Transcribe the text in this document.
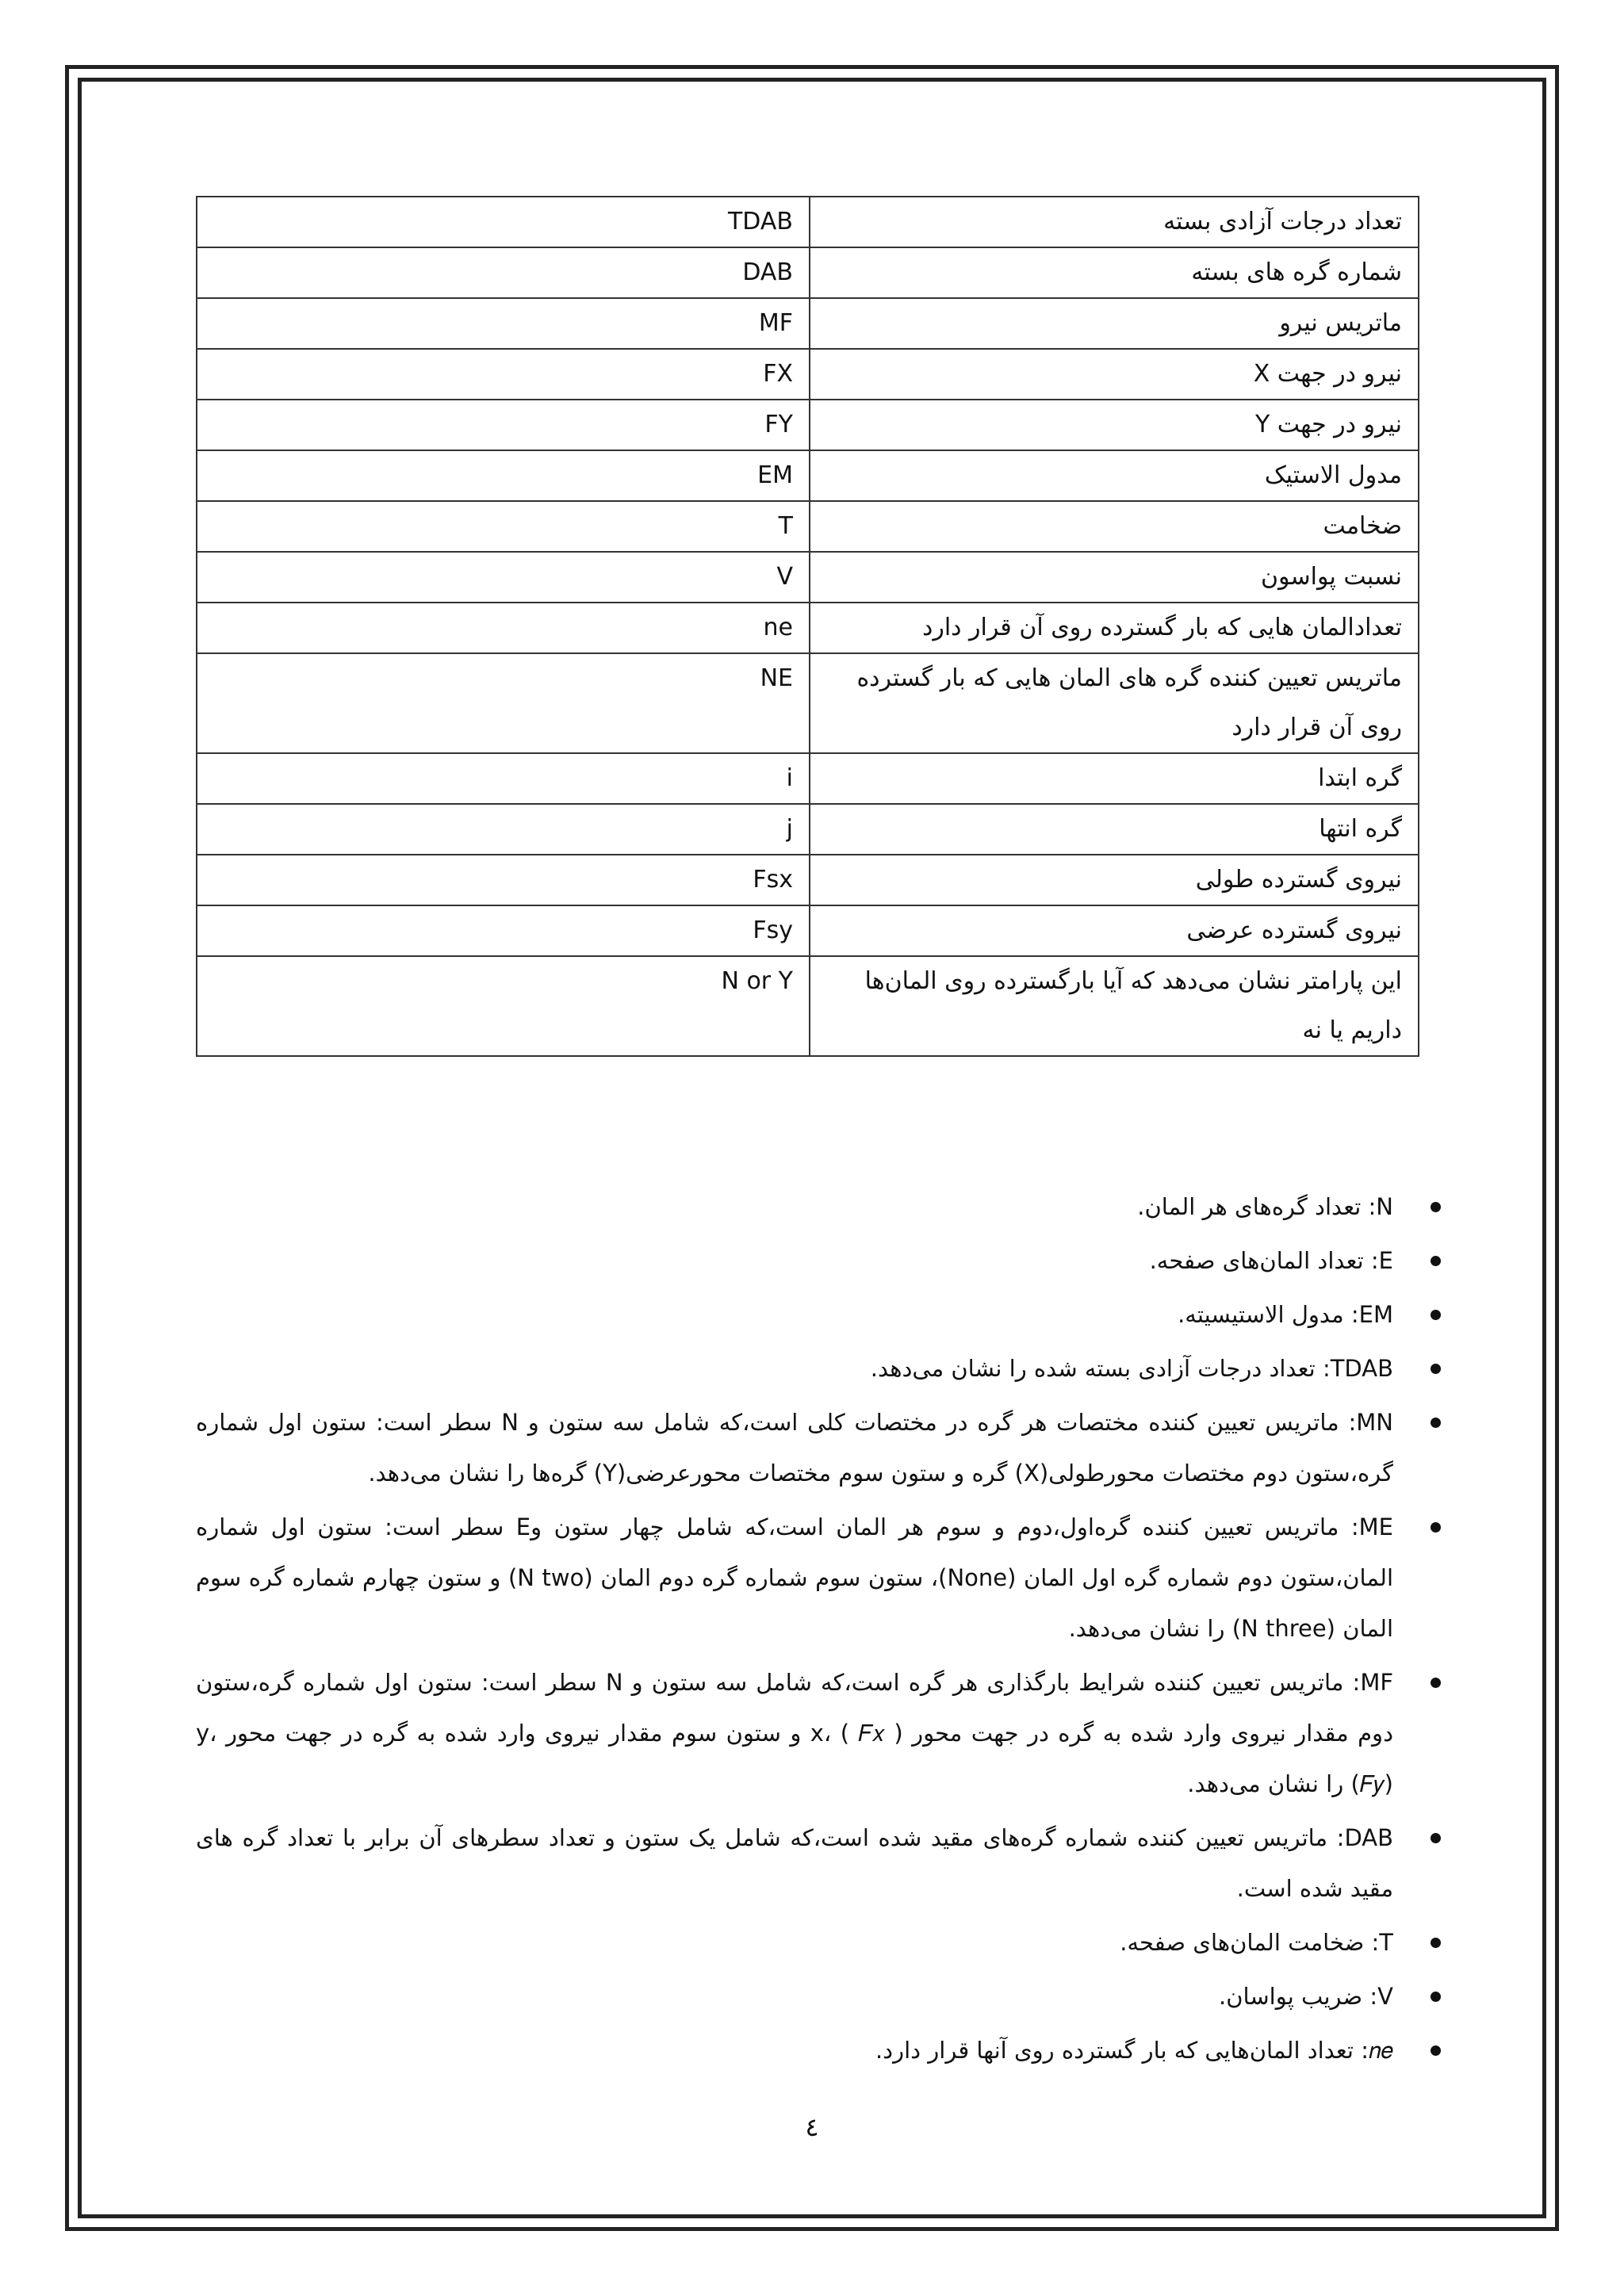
TDAB	تعداد درجات آزادی بسته
DAB	شماره گره های بسته
MF	ماتریس نیرو
FX	نیرو در جهت X
FY	نیرو در جهت Y
EM	مدول الاستیک
T	ضخامت
V	نسبت پواسون
ne	تعدادالمان هایی که بار گسترده روی آن قرار دارد
NE	ماتریس تعیین کننده گره های المان هایی که بار گسترده روی آن قرار دارد
i	گره ابتدا
j	گره انتها
Fsx	نیروی گسترده طولی
Fsy	نیروی گسترده عرضی
N or Y	این پارامتر نشان می‌دهد که آیا بارگسترده روی المان‌ها داریم یا نه
N: تعداد گره‌های هر المان.
E: تعداد المان‌های صفحه.
EM: مدول الاستیسیته.
TDAB: تعداد درجات آزادی بسته شده را نشان می‌دهد.
MN: ماتریس تعیین کننده مختصات هر گره در مختصات کلی است،که شامل سه ستون و N سطر است: ستون اول شماره گره،ستون دوم مختصات محورطولی(X) گره و ستون سوم مختصات محورعرضی(Y) گره‌ها را نشان می‌دهد.
ME: ماتریس تعیین کننده گره‌اول،دوم و سوم هر المان است،که شامل چهار ستون وE سطر است: ستون اول شماره المان،ستون دوم شماره گره اول المان (None)، ستون سوم شماره گره دوم المان (N two) و ستون چهارم شماره گره سوم المان (N three) را نشان می‌دهد.
MF: ماتریس تعیین کننده شرایط بارگذاری هر گره است،که شامل سه ستون و N سطر است: ستون اول شماره گره،ستون دوم مقدار نیروی وارد شده به گره در جهت محور x، ( 𝐹𝑥 ) و ستون سوم مقدار نیروی وارد شده به گره در جهت محور y، (𝐹𝑦) را نشان می‌دهد.
DAB: ماتریس تعیین کننده شماره گره‌های مقید شده است،که شامل یک ستون و تعداد سطرهای آن برابر با تعداد گره های مقید شده است.
T: ضخامت المان‌های صفحه.
V: ضریب پواسان.
𝑛𝑒: تعداد المان‌هایی که بار گسترده روی آنها قرار دارد.
٤
